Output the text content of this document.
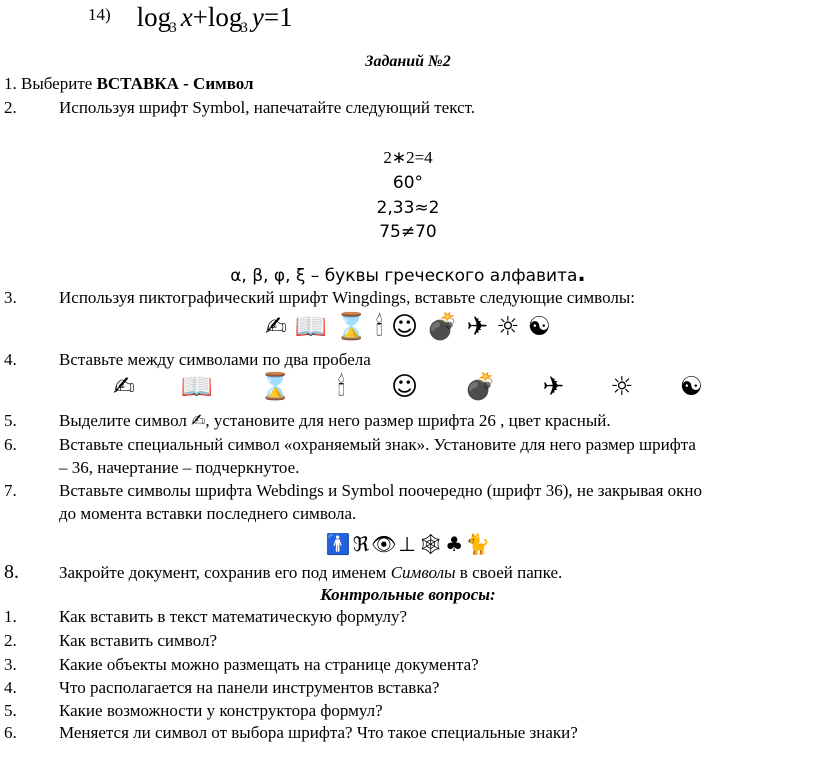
$^{14)}$ $\log_3 x+\log_3$ y=1
Заданий №2
1. Выберите ВСТАВКА - Символ
2. Используя шрифт Symbol, напечатайте следующий текст.
2∗2=4
60°
2,33≈2
75≠70
α, β, φ, ξ – буквы греческого алфавита.
3. Используя пиктографический шрифт Wingdings, вставьте следующие символы:
✍ 📖 ⌛ 🕯 ☺ 💣 ✈ ☼ ☯
4. Вставьте между символами по два пробела
✍ 📖 ⌛ 🕯 ☺ 💣 ✈ ☼ ☯
5. Выделите символ ✍, установите для него размер шрифта 26 , цвет красный.
6. Вставьте специальный символ «охраняемый знак». Установите для него размер шрифта
– 36, начертание – подчеркнутое.
7. Вставьте символы шрифта Webdings и Symbol поочередно (шрифт 36), не закрывая окно
до момента вставки последнего символа.
🚹 ℜ 👁 ⊥ 🕸 ♣ 🐈
8. Закройте документ, сохранив его под именем Символы в своей папке.
Контрольные вопросы:
1. Как вставить в текст математическую формулу?
2. Как вставить символ?
3. Какие объекты можно размещать на странице документа?
4. Что располагается на панели инструментов вставка?
5. Какие возможности у конструктора формул?
6. Меняется ли символ от выбора шрифта? Что такое специальные знаки?
